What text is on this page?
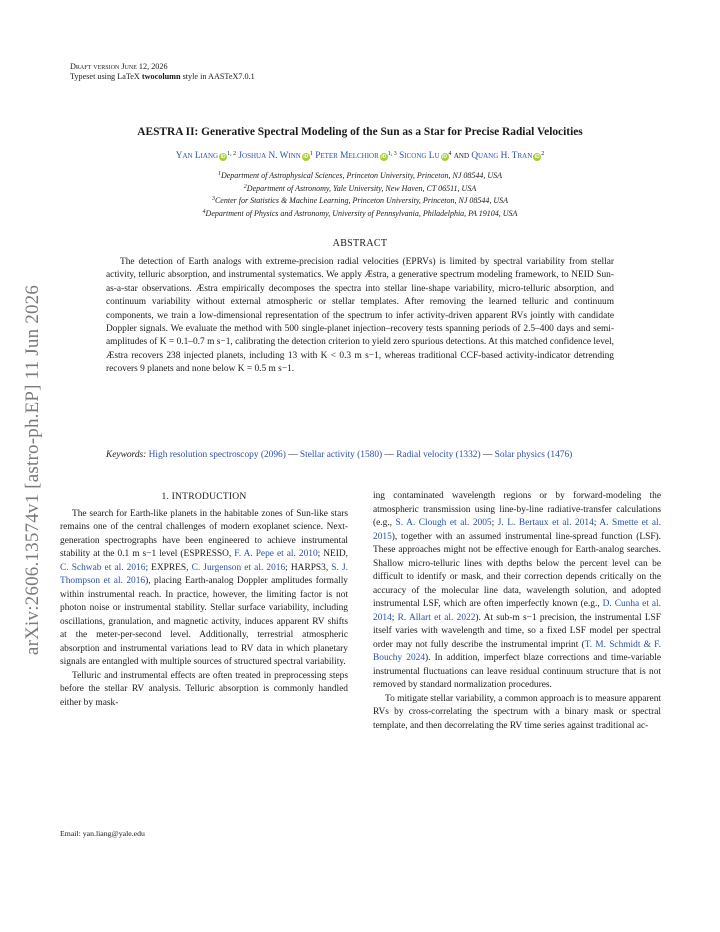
Draft version June 12, 2026
Typeset using LaTeX twocolumn style in AASTeX7.0.1
arXiv:2606.13574v1 [astro-ph.EP] 11 Jun 2026
AESTRA II: Generative Spectral Modeling of the Sun as a Star for Precise Radial Velocities
Yan Liang iD $^{1, 2}$ Joshua N. Winn iD $^1$ Peter Melchior iD $^{1, 3}$ Sicong Lu iD $^4$ and Quang H. Tran iD $^2$
$^1$Department of Astrophysical Sciences, Princeton University, Princeton, NJ 08544, USA
$^2$Department of Astronomy, Yale University, New Haven, CT 06511, USA
$^3$Center for Statistics & Machine Learning, Princeton University, Princeton, NJ 08544, USA
$^4$Department of Physics and Astronomy, University of Pennsylvania, Philadelphia, PA 19104, USA
ABSTRACT
The detection of Earth analogs with extreme-precision radial velocities (EPRVs) is limited by spectral variability from stellar activity, telluric absorption, and instrumental systematics. We apply Æstra, a generative spectrum modeling framework, to NEID Sun-as-a-star observations. Æstra empirically decomposes the spectra into stellar line-shape variability, micro-telluric absorption, and continuum variability without external atmospheric or stellar templates. After removing the learned telluric and continuum components, we train a low-dimensional representation of the spectrum to infer activity-driven apparent RVs jointly with candidate Doppler signals. We evaluate the method with 500 single-planet injection–recovery tests spanning periods of 2.5–400 days and semi-amplitudes of K = 0.1–0.7 m s−1, calibrating the detection criterion to yield zero spurious detections. At this matched confidence level, Æstra recovers 238 injected planets, including 13 with K < 0.3 m s−1, whereas traditional CCF-based activity-indicator detrending recovers 9 planets and none below K = 0.5 m s−1.
Keywords: High resolution spectroscopy (2096) — Stellar activity (1580) — Radial velocity (1332) — Solar physics (1476)
1. INTRODUCTION

The search for Earth-like planets in the habitable zones of Sun-like stars remains one of the central challenges of modern exoplanet science. Next-generation spectrographs have been engineered to achieve instrumental stability at the 0.1 m s−1 level (ESPRESSO, F. A. Pepe et al. 2010; NEID, C. Schwab et al. 2016; EXPRES, C. Jurgenson et al. 2016; HARPS3, S. J. Thompson et al. 2016), placing Earth-analog Doppler amplitudes formally within instrumental reach. In practice, however, the limiting factor is not photon noise or instrumental stability. Stellar surface variability, including oscillations, granulation, and magnetic activity, induces apparent RV shifts at the meter-per-second level. Additionally, terrestrial atmospheric absorption and instrumental variations lead to RV data in which planetary signals are entangled with multiple sources of structured spectral variability.

Telluric and instrumental effects are often treated in preprocessing steps before the stellar RV analysis. Telluric absorption is commonly handled either by mask-

ing contaminated wavelength regions or by forward-modeling the atmospheric transmission using line-by-line radiative-transfer calculations (e.g., S. A. Clough et al. 2005; J. L. Bertaux et al. 2014; A. Smette et al. 2015), together with an assumed instrumental line-spread function (LSF). These approaches might not be effective enough for Earth-analog searches. Shallow micro-telluric lines with depths below the percent level can be difficult to identify or mask, and their correction depends critically on the accuracy of the molecular line data, wavelength solution, and adopted instrumental LSF, which are often imperfectly known (e.g., D. Cunha et al. 2014; R. Allart et al. 2022). At sub-m s−1 precision, the instrumental LSF itself varies with wavelength and time, so a fixed LSF model per spectral order may not fully describe the instrumental imprint (T. M. Schmidt & F. Bouchy 2024). In addition, imperfect blaze corrections and time-variable instrumental fluctuations can leave residual continuum structure that is not removed by standard normalization procedures.

To mitigate stellar variability, a common approach is to measure apparent RVs by cross-correlating the spectrum with a binary mask or spectral template, and then decorrelating the RV time series against traditional ac-

Email: yan.liang@yale.edu
